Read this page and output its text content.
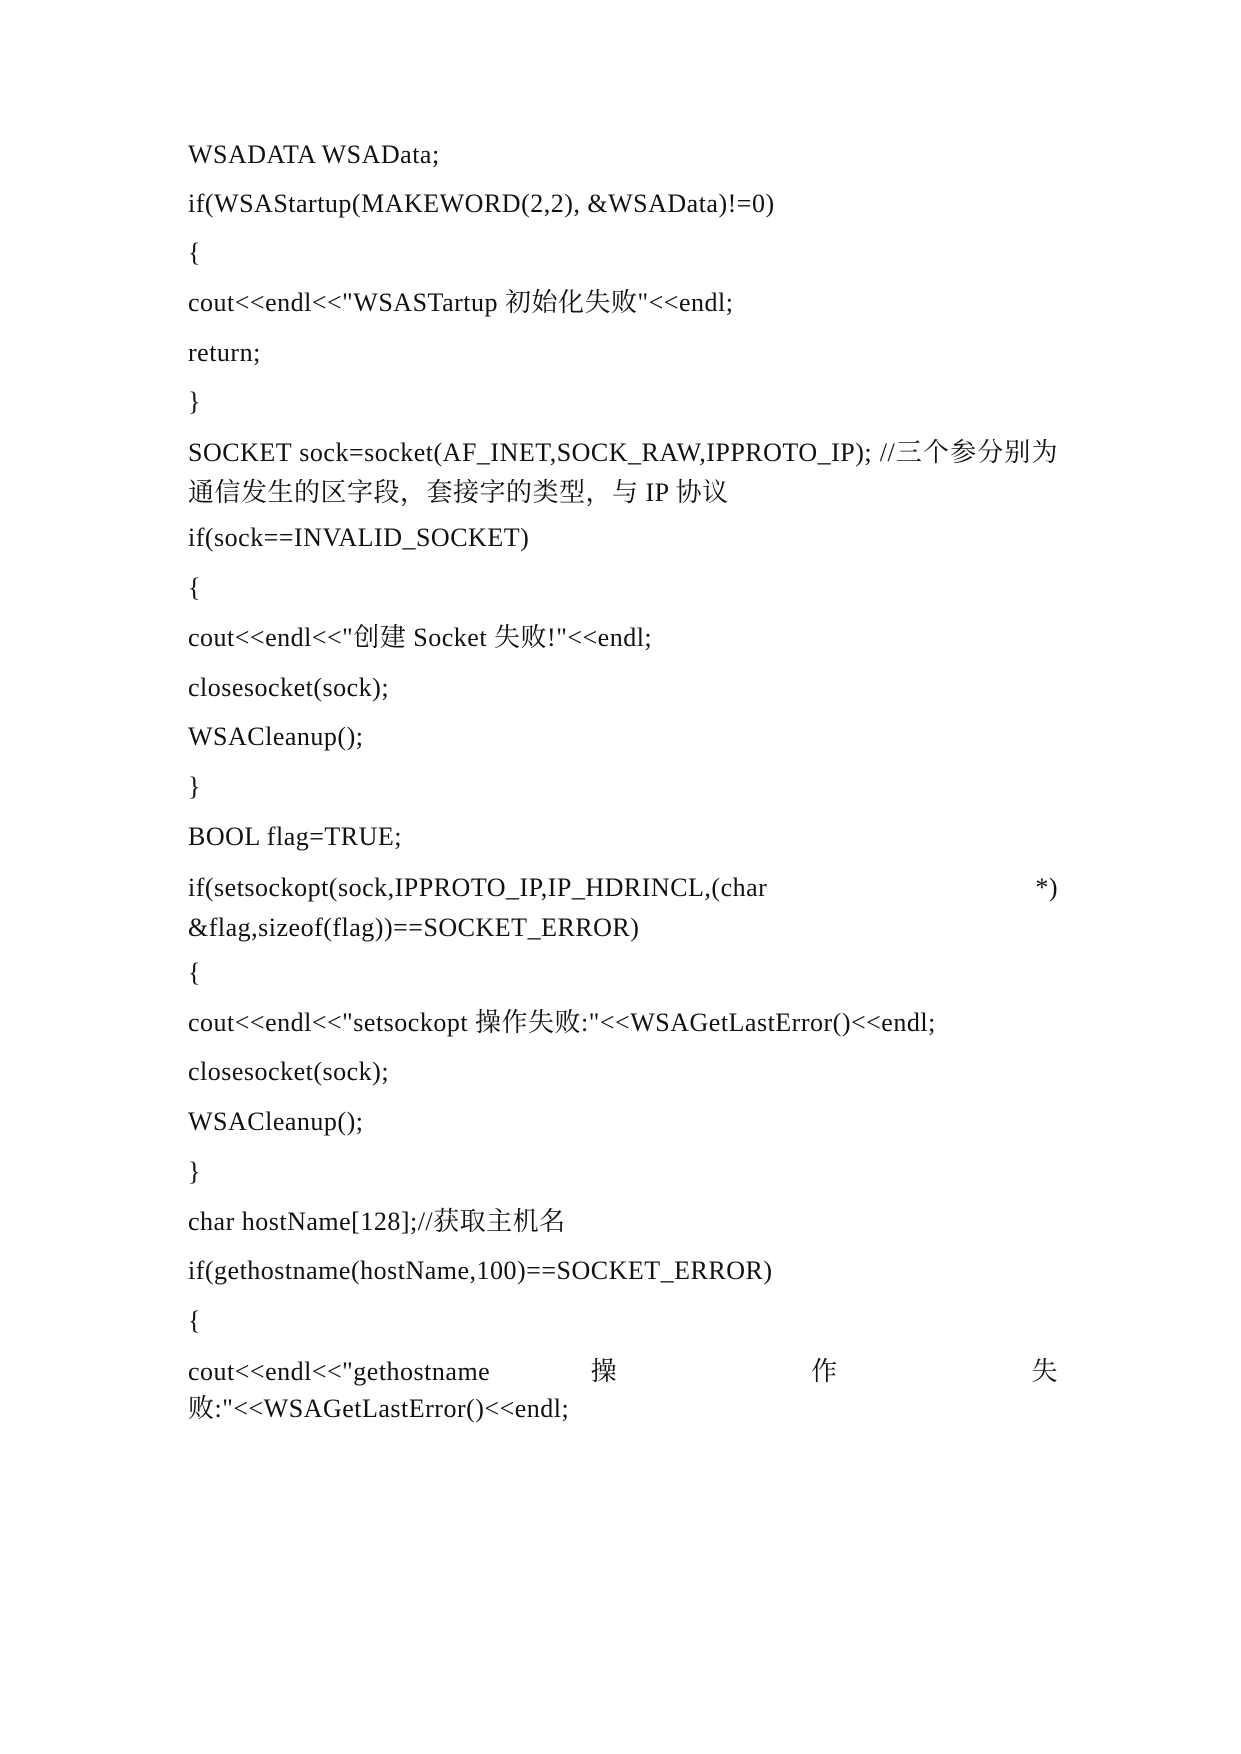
WSADATA WSAData;
if(WSAStartup(MAKEWORD(2,2), &WSAData)!=0)
{
cout<<endl<<"WSASTartup 初始化失败"<<endl;
return;
}
SOCKET sock=socket(AF_INET,SOCK_RAW,IPPROTO_IP); //三个参分别为通信发生的区字段，套接字的类型，与 IP 协议
if(sock==INVALID_SOCKET)
{
cout<<endl<<"创建 Socket 失败!"<<endl;
closesocket(sock);
WSACleanup();
}
BOOL flag=TRUE;
if(setsockopt(sock,IPPROTO_IP,IP_HDRINCL,(char *) &flag,sizeof(flag))==SOCKET_ERROR)
{
cout<<endl<<"setsockopt 操作失败:"<<WSAGetLastError()<<endl;
closesocket(sock);
WSACleanup();
}
char hostName[128];//获取主机名
if(gethostname(hostName,100)==SOCKET_ERROR)
{
cout<<endl<<"gethostname 操 作 失
败:"<<WSAGetLastError()<<endl;
